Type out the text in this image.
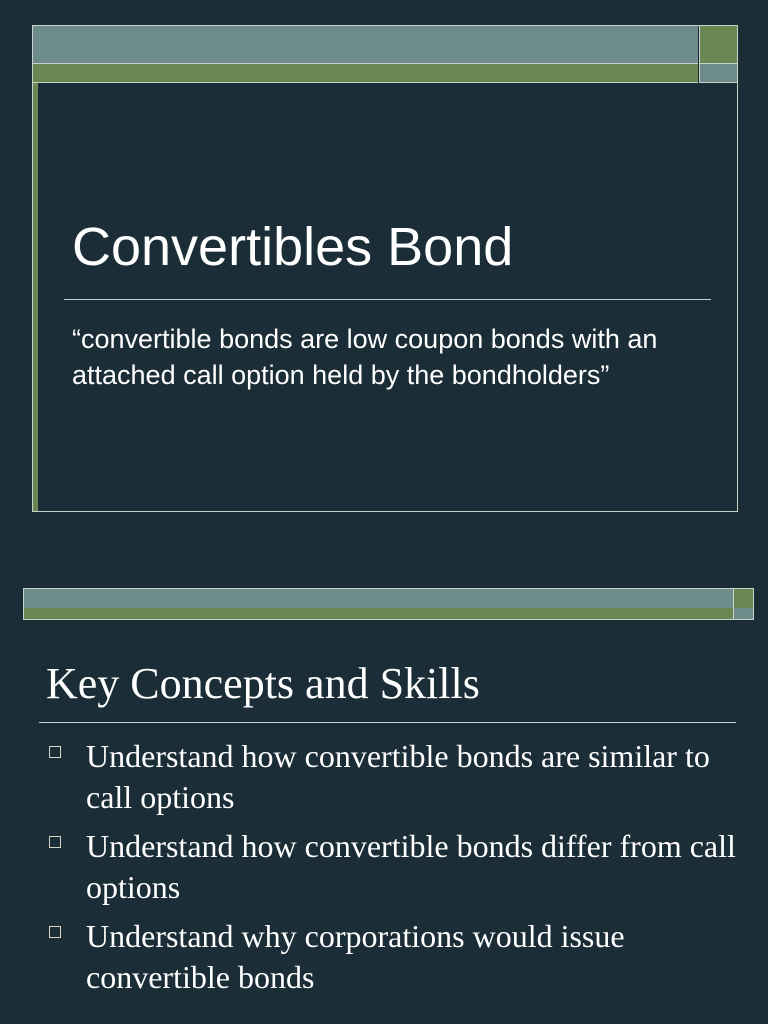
Convertibles Bond
“convertible bonds are low coupon bonds with an attached call option held by the bondholders”
Key Concepts and Skills
Understand how convertible bonds are similar to call options
Understand how convertible bonds differ from call options
Understand why corporations would issue convertible bonds
